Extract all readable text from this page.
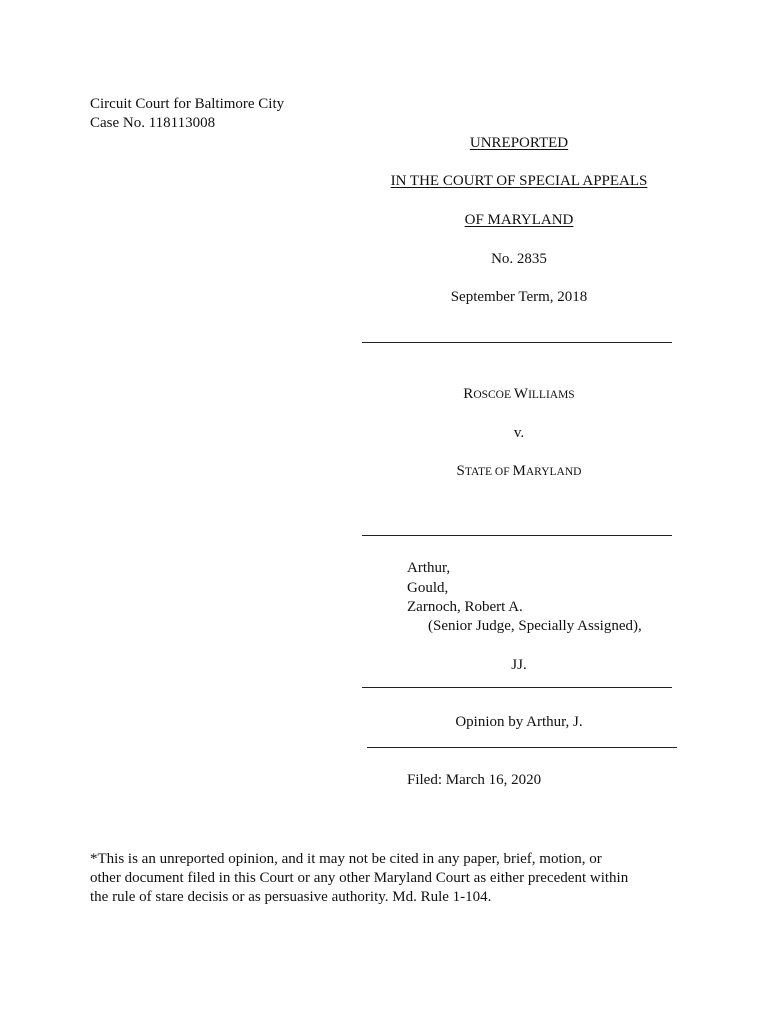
Circuit Court for Baltimore City
Case No. 118113008
UNREPORTED
IN THE COURT OF SPECIAL APPEALS
OF MARYLAND
No. 2835
September Term, 2018
ROSCOE WILLIAMS
v.
STATE OF MARYLAND
Arthur,
Gould,
Zarnoch, Robert A.
(Senior Judge, Specially Assigned),
JJ.
Opinion by Arthur, J.
Filed: March 16, 2020
*This is an unreported opinion, and it may not be cited in any paper, brief, motion, or
other document filed in this Court or any other Maryland Court as either precedent within
the rule of stare decisis or as persuasive authority. Md. Rule 1-104.
